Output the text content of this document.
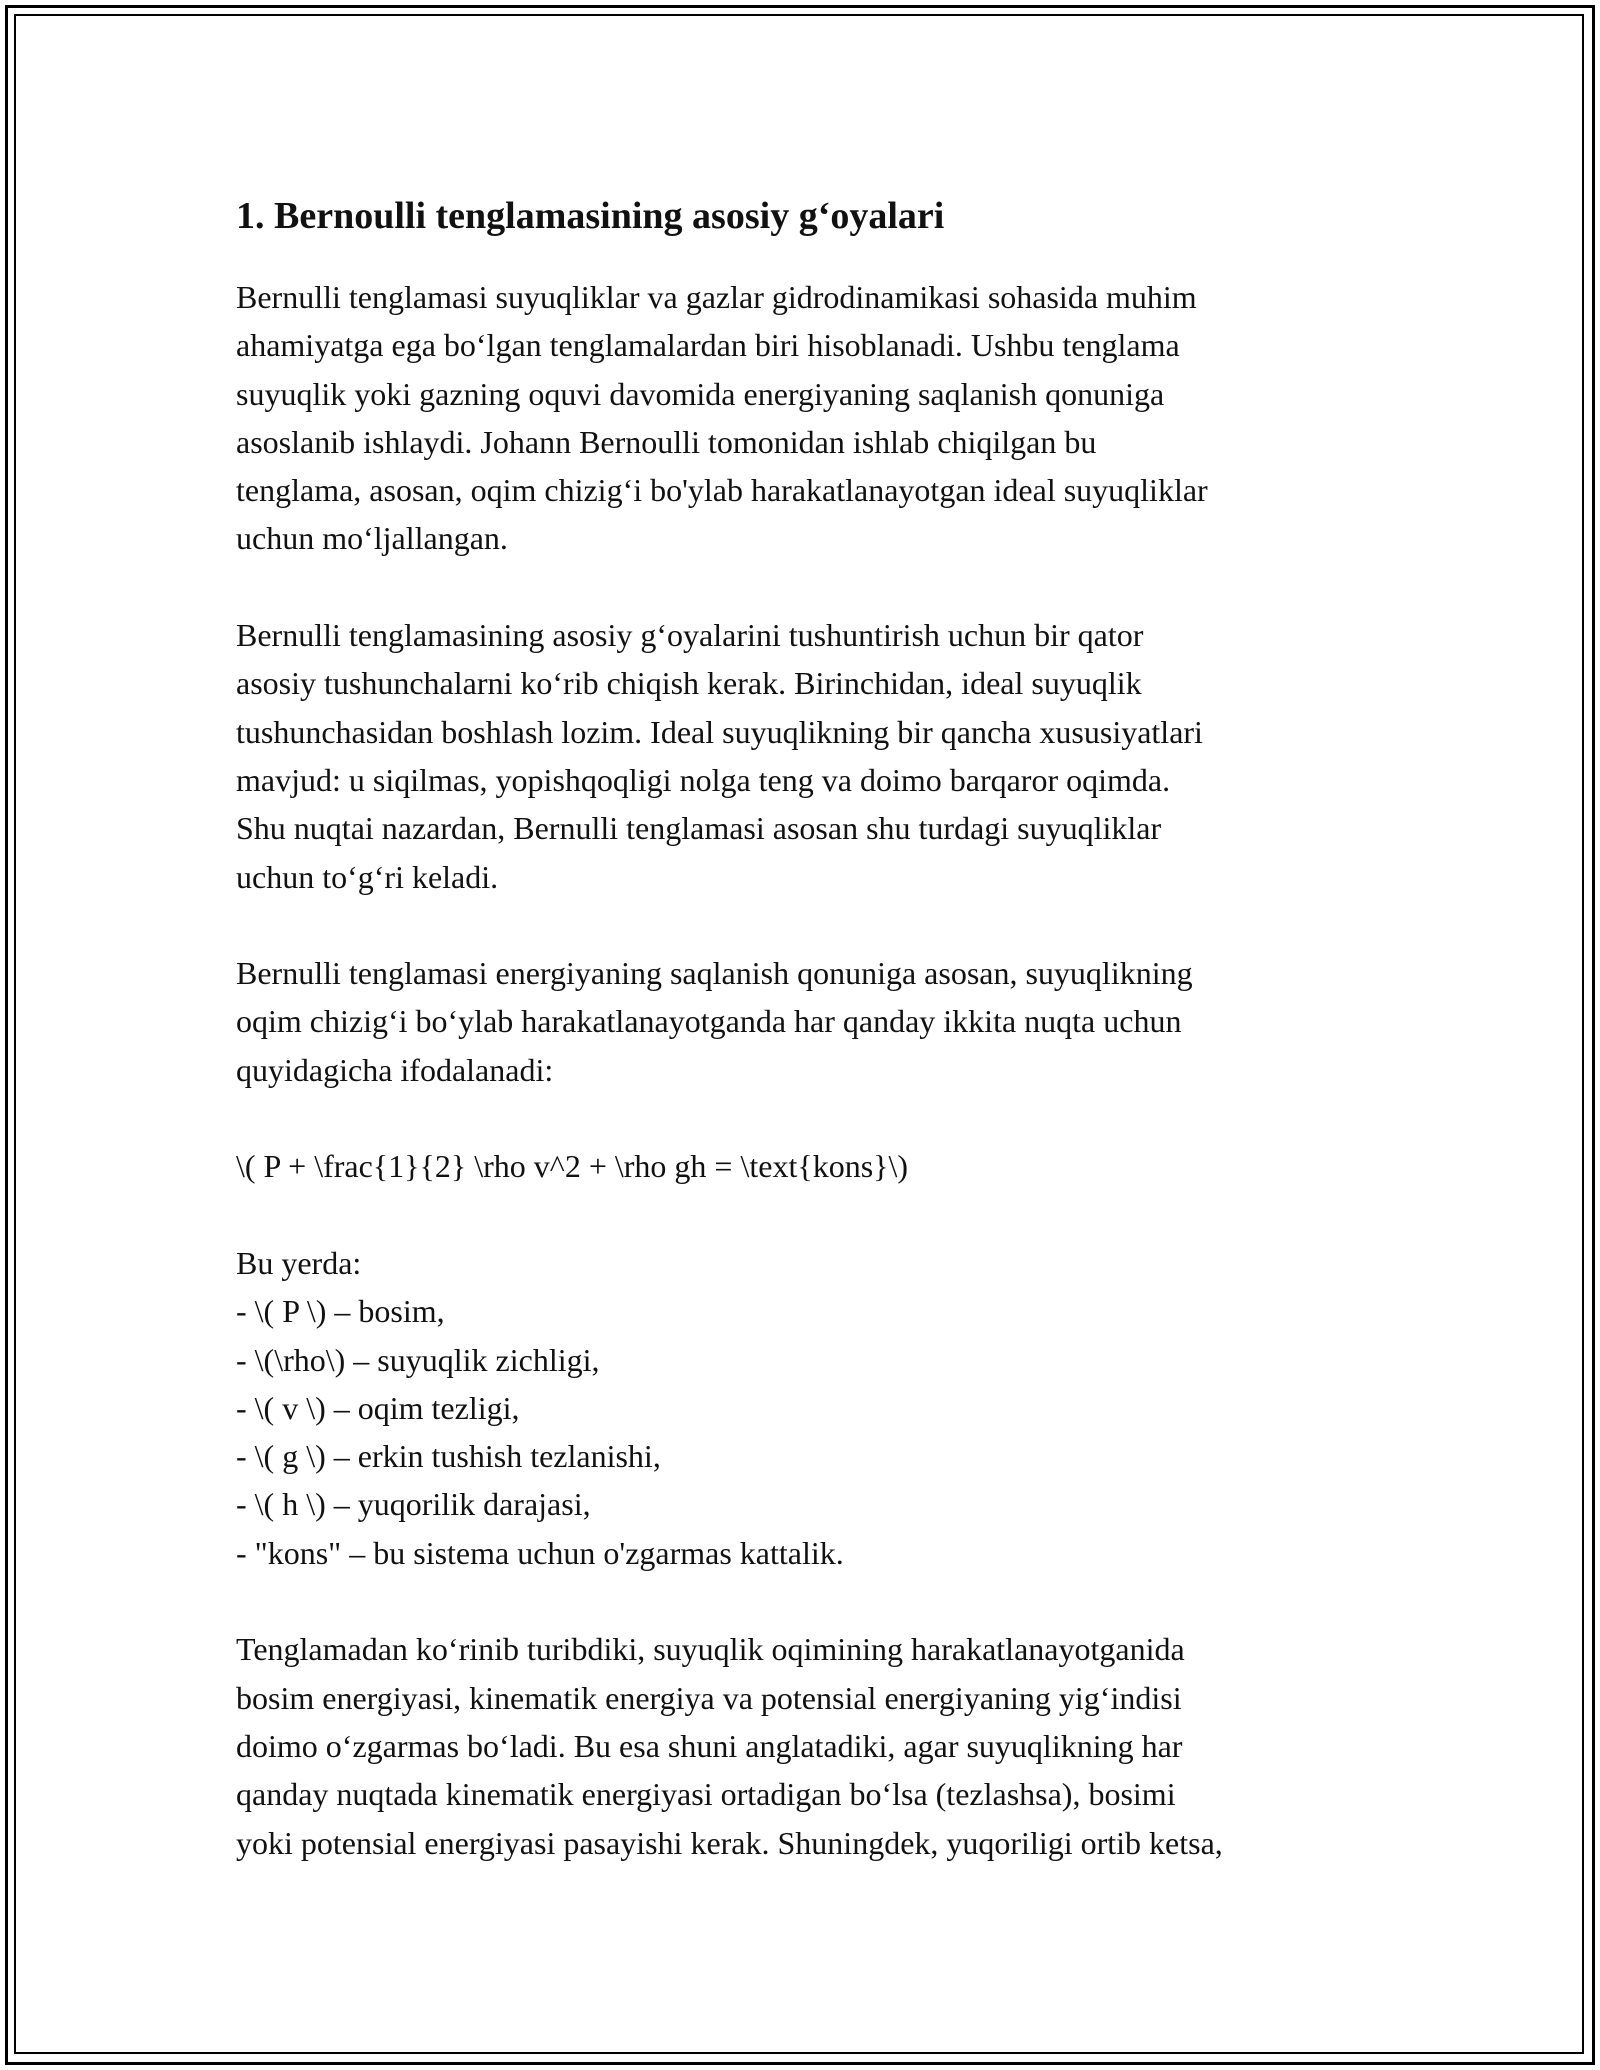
1. Bernoulli tenglamasining asosiy g‘oyalari
Bernulli tenglamasi suyuqliklar va gazlar gidrodinamikasi sohasida muhim
ahamiyatga ega bo‘lgan tenglamalardan biri hisoblanadi. Ushbu tenglama
suyuqlik yoki gazning oquvi davomida energiyaning saqlanish qonuniga
asoslanib ishlaydi. Johann Bernoulli tomonidan ishlab chiqilgan bu
tenglama, asosan, oqim chizig‘i bo'ylab harakatlanayotgan ideal suyuqliklar
uchun mo‘ljallangan.
Bernulli tenglamasining asosiy g‘oyalarini tushuntirish uchun bir qator
asosiy tushunchalarni ko‘rib chiqish kerak. Birinchidan, ideal suyuqlik
tushunchasidan boshlash lozim. Ideal suyuqlikning bir qancha xususiyatlari
mavjud: u siqilmas, yopishqoqligi nolga teng va doimo barqaror oqimda.
Shu nuqtai nazardan, Bernulli tenglamasi asosan shu turdagi suyuqliklar
uchun to‘g‘ri keladi.
Bernulli tenglamasi energiyaning saqlanish qonuniga asosan, suyuqlikning
oqim chizig‘i bo‘ylab harakatlanayotganda har qanday ikkita nuqta uchun
quyidagicha ifodalanadi:
\( P + \frac{1}{2} \rho v^2 + \rho gh = \text{kons}\)
Bu yerda:
- \( P \) – bosim,
- \(\rho\) – suyuqlik zichligi,
- \( v \) – oqim tezligi,
- \( g \) – erkin tushish tezlanishi,
- \( h \) – yuqorilik darajasi,
- "kons" – bu sistema uchun o'zgarmas kattalik.
Tenglamadan ko‘rinib turibdiki, suyuqlik oqimining harakatlanayotganida
bosim energiyasi, kinematik energiya va potensial energiyaning yig‘indisi
doimo o‘zgarmas bo‘ladi. Bu esa shuni anglatadiki, agar suyuqlikning har
qanday nuqtada kinematik energiyasi ortadigan bo‘lsa (tezlashsa), bosimi
yoki potensial energiyasi pasayishi kerak. Shuningdek, yuqoriligi ortib ketsa,
